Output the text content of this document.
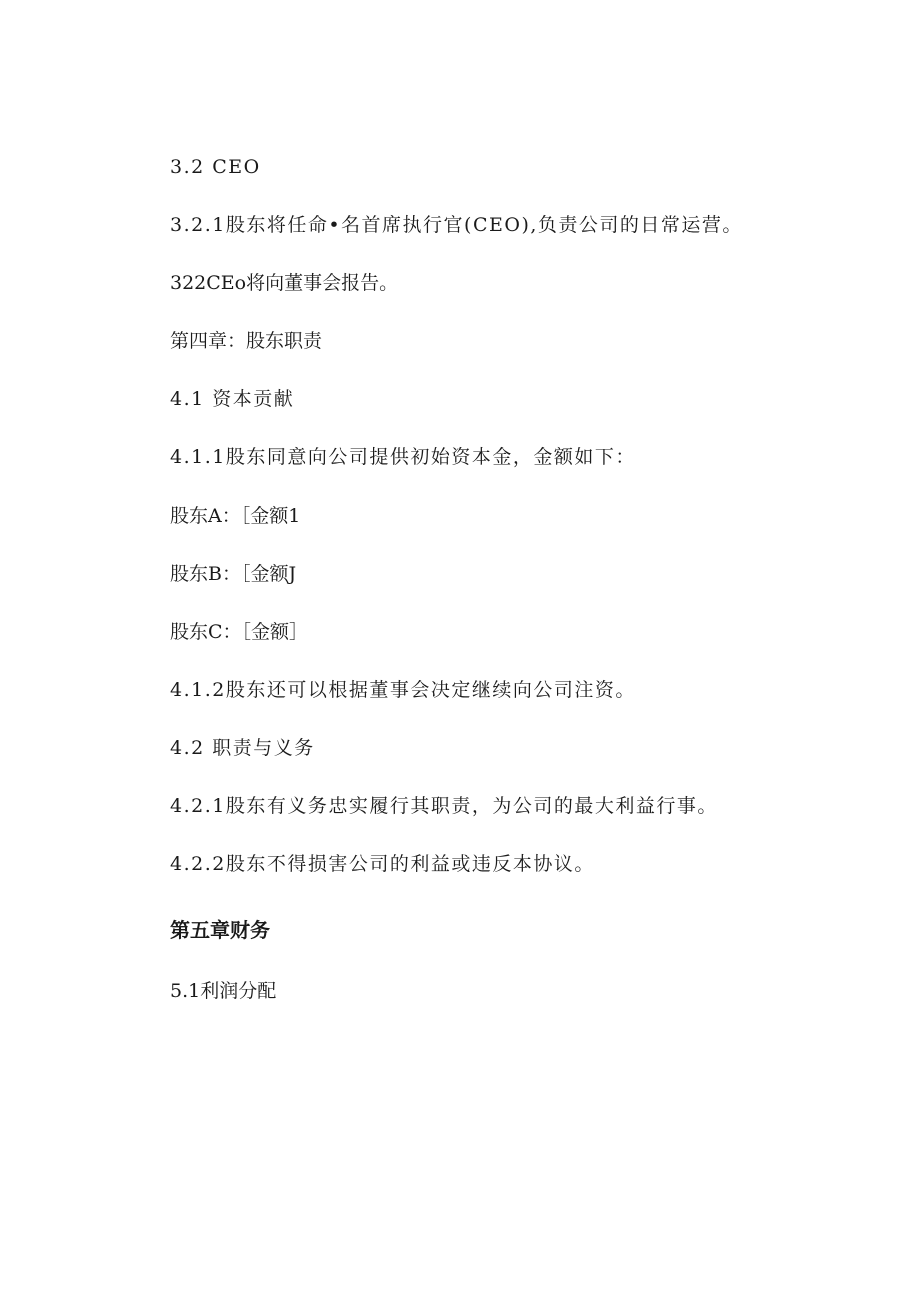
3.2 CEO
3.2.1股东将任命•名首席执行官(CEO),负责公司的日常运营。
322CEo将向董事会报告。
第四章：股东职责
4.1 资本贡献
4.1.1股东同意向公司提供初始资本金，金额如下：
股东A：［金额1
股东B：［金额J
股东C：［金额］
4.1.2股东还可以根据董事会决定继续向公司注资。
4.2 职责与义务
4.2.1股东有义务忠实履行其职责，为公司的最大利益行事。
4.2.2股东不得损害公司的利益或违反本协议。
第五章财务
5.1利润分配
